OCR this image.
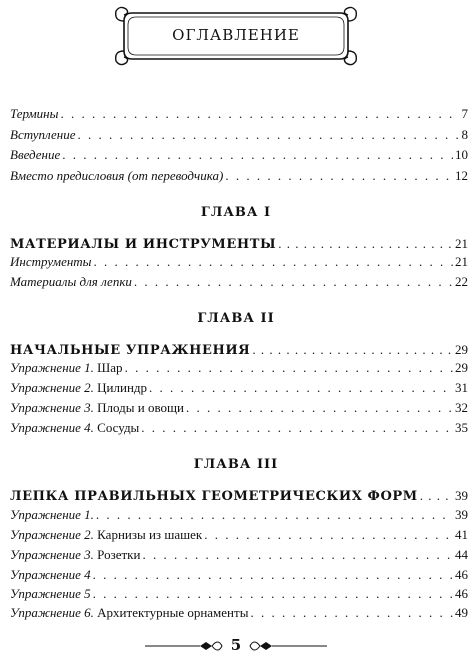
ОГЛАВЛЕНИЕ
Термины . . .	7
Вступление . . .	8
Введение . . .	10
Вместо предисловия (от переводчика) . . .	12
ГЛАВА I
МАТЕРИАЛЫ И ИНСТРУМЕНТЫ . . .	21
Инструменты . . .	21
Материалы для лепки . . .	22
ГЛАВА II
НАЧАЛЬНЫЕ УПРАЖНЕНИЯ . . .	29
Упражнение 1. Шар . . .	29
Упражнение 2. Цилиндр . . .	31
Упражнение 3. Плоды и овощи . . .	32
Упражнение 4. Сосуды . . .	35
ГЛАВА III
ЛЕПКА ПРАВИЛЬНЫХ ГЕОМЕТРИЧЕСКИХ ФОРМ . . .	39
Упражнение 1. . . .	39
Упражнение 2. Карнизы из шашек . . .	41
Упражнение 3. Розетки . . .	44
Упражнение 4 . . .	46
Упражнение 5 . . .	46
Упражнение 6. Архитектурные орнаменты . . .	49
5
